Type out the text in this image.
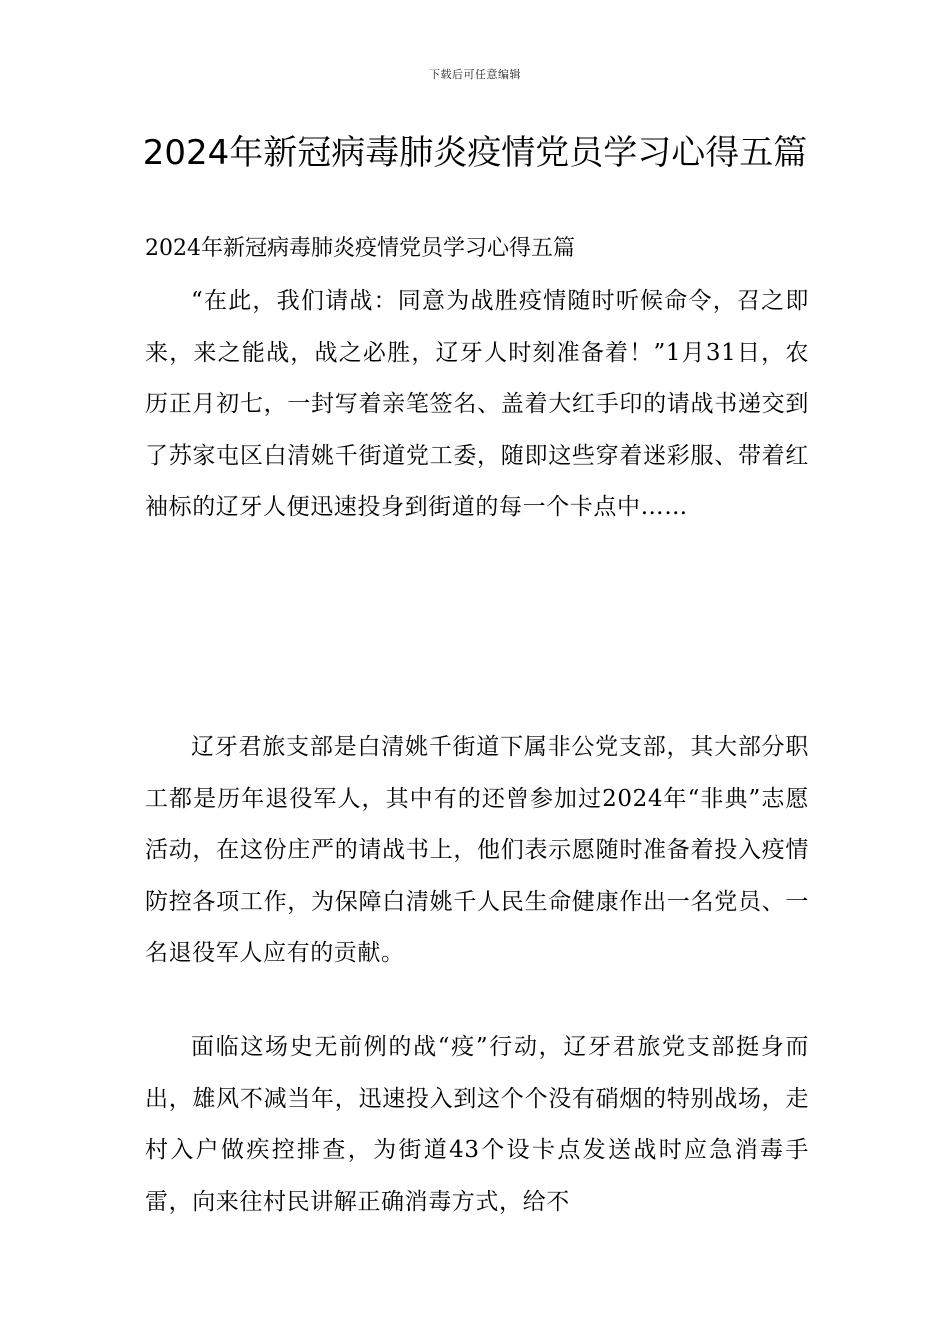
下载后可任意编辑
2024年新冠病毒肺炎疫情党员学习心得五篇
2024年新冠病毒肺炎疫情党员学习心得五篇

“在此，我们请战：同意为战胜疫情随时听候命令，召之即来，来之能战，战之必胜，辽牙人时刻准备着！”1月31日，农历正月初七，一封写着亲笔签名、盖着大红手印的请战书递交到了苏家屯区白清姚千街道党工委，随即这些穿着迷彩服、带着红袖标的辽牙人便迅速投身到街道的每一个卡点中……

辽牙君旅支部是白清姚千街道下属非公党支部，其大部分职工都是历年退役军人，其中有的还曾参加过2024年“非典”志愿活动，在这份庄严的请战书上，他们表示愿随时准备着投入疫情防控各项工作，为保障白清姚千人民生命健康作出一名党员、一名退役军人应有的贡献。

面临这场史无前例的战“疫”行动，辽牙君旅党支部挺身而出，雄风不减当年，迅速投入到这个个没有硝烟的特别战场，走村入户做疾控排查，为街道43个设卡点发送战时应急消毒手雷，向来往村民讲解正确消毒方式，给不
